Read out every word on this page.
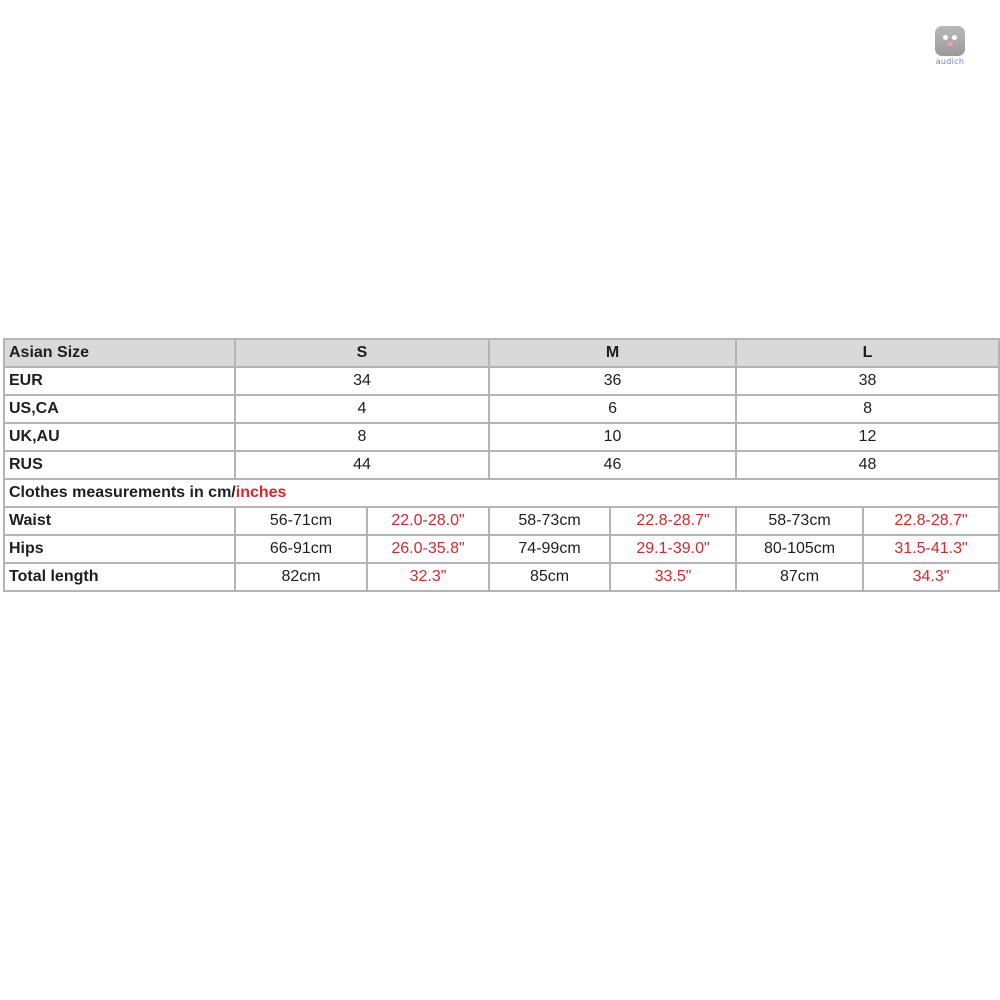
audich
Asian Size	S		M		L	
EUR	34		36		38	
US,CA	4		6		8	
UK,AU	8		10		12	
RUS	44		46		48	
Clothes measurements in cm/inches						
Waist	56-71cm	22.0-28.0"	58-73cm	22.8-28.7"	58-73cm	22.8-28.7"
Hips	66-91cm	26.0-35.8"	74-99cm	29.1-39.0"	80-105cm	31.5-41.3"
Total length	82cm	32.3"	85cm	33.5"	87cm	34.3"
